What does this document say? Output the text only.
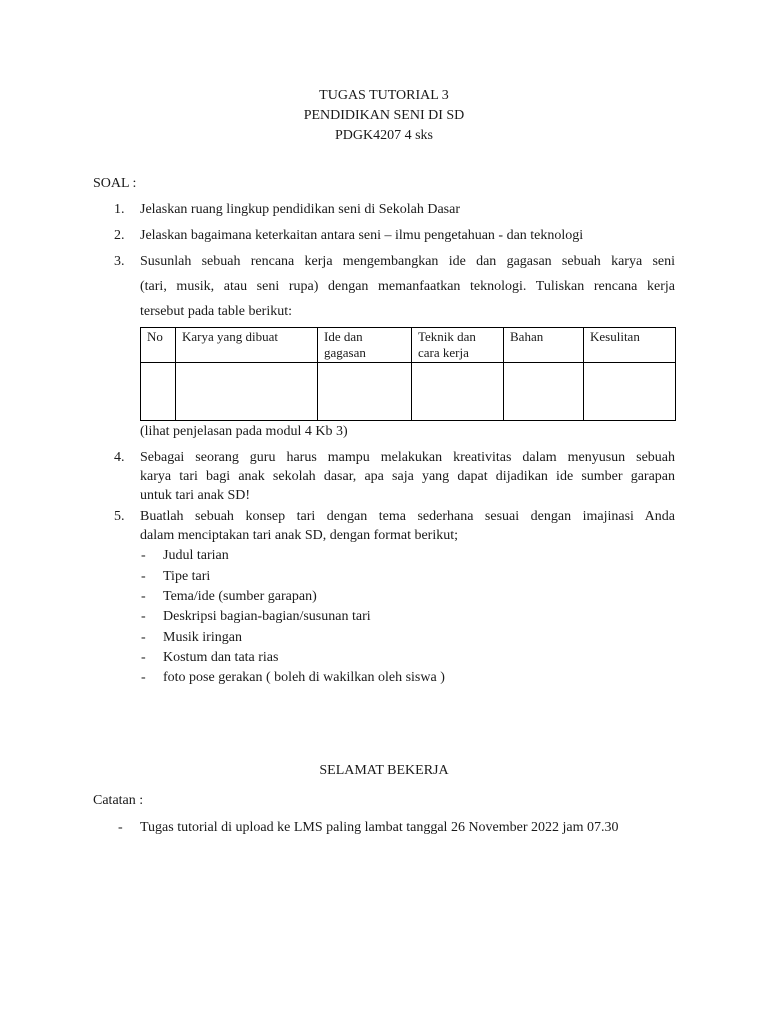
TUGAS TUTORIAL 3
PENDIDIKAN SENI DI SD
PDGK4207 4 sks
SOAL :
1. Jelaskan ruang lingkup pendidikan seni di Sekolah Dasar
2. Jelaskan bagaimana keterkaitan antara seni – ilmu pengetahuan - dan teknologi
3. Susunlah sebuah rencana kerja mengembangkan ide dan gagasan sebuah karya seni
(tari, musik, atau seni rupa) dengan memanfaatkan teknologi. Tuliskan rencana kerja
tersebut pada table berikut:
No	Karya yang dibuat	Ide dan gagasan	Teknik dan cara kerja	Bahan	Kesulitan

(lihat penjelasan pada modul 4 Kb 3)
4. Sebagai seorang guru harus mampu melakukan kreativitas dalam menyusun sebuah
karya tari bagi anak sekolah dasar, apa saja yang dapat dijadikan ide sumber garapan
untuk tari anak SD!
5. Buatlah sebuah konsep tari dengan tema sederhana sesuai dengan imajinasi Anda
dalam menciptakan tari anak SD, dengan format berikut;
- Judul tarian
- Tipe tari
- Tema/ide (sumber garapan)
- Deskripsi bagian-bagian/susunan tari
- Musik iringan
- Kostum dan tata rias
- foto pose gerakan ( boleh di wakilkan oleh siswa )
SELAMAT BEKERJA
Catatan :
- Tugas tutorial di upload ke LMS paling lambat tanggal 26 November 2022 jam 07.30
